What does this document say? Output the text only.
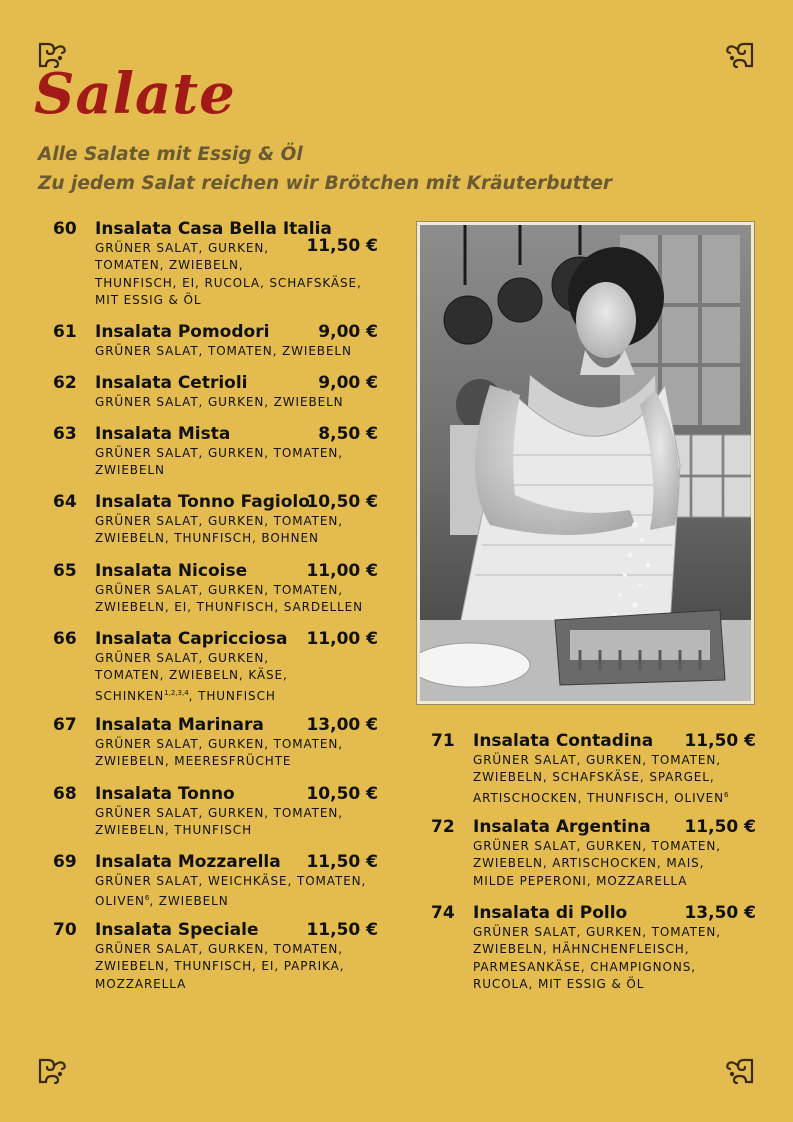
Salate
Alle Salate mit Essig & Öl
Zu jedem Salat reichen wir Brötchen mit Kräuterbutter
60 Insalata Casa Bella Italia
11,50 €
GRÜNER SALAT, GURKEN,
TOMATEN, ZWIEBELN,
THUNFISCH, EI, RUCOLA, SCHAFSKÄSE,
MIT ESSIG & ÖL
61 Insalata Pomodori	9,00 €
GRÜNER SALAT, TOMATEN, ZWIEBELN
62 Insalata Cetrioli	9,00 €
GRÜNER SALAT, GURKEN, ZWIEBELN
63 Insalata Mista	8,50 €
GRÜNER SALAT, GURKEN, TOMATEN,
ZWIEBELN
64 Insalata Tonno Fagiolo
10,50 €
GRÜNER SALAT, GURKEN, TOMATEN,
ZWIEBELN, THUNFISCH, BOHNEN
65 Insalata Nicoise	11,00 €
GRÜNER SALAT, GURKEN, TOMATEN,
ZWIEBELN, EI, THUNFISCH, SARDELLEN
66 Insalata Capricciosa 11,00 €
GRÜNER SALAT, GURKEN,
TOMATEN, ZWIEBELN, KÄSE,
SCHINKEN$^{1,2,3,4}$, THUNFISCH
67 Insalata Marinara	13,00 €
GRÜNER SALAT, GURKEN, TOMATEN,
ZWIEBELN, MEERESFRÜCHTE
68 Insalata Tonno	10,50 €
GRÜNER SALAT, GURKEN, TOMATEN,
ZWIEBELN, THUNFISCH
69 Insalata Mozzarella 11,50 €
GRÜNER SALAT, WEICHKÄSE, TOMATEN,
OLIVEN$^6$, ZWIEBELN
70 Insalata Speciale	11,50 €
GRÜNER SALAT, GURKEN, TOMATEN,
ZWIEBELN, THUNFISCH, EI, PAPRIKA,
MOZZARELLA
71 Insalata Contadina 11,50 €
GRÜNER SALAT, GURKEN, TOMATEN,
ZWIEBELN, SCHAFSKÄSE, SPARGEL,
ARTISCHOCKEN, THUNFISCH, OLIVEN$^6$
72 Insalata Argentina 11,50 €
GRÜNER SALAT, GURKEN, TOMATEN,
ZWIEBELN, ARTISCHOCKEN, MAIS,
MILDE PEPERONI, MOZZARELLA
74 Insalata di Pollo	13,50 €
GRÜNER SALAT, GURKEN, TOMATEN,
ZWIEBELN, HÄHNCHENFLEISCH,
PARMESANKÄSE, CHAMPIGNONS,
RUCOLA, MIT ESSIG & ÖL
